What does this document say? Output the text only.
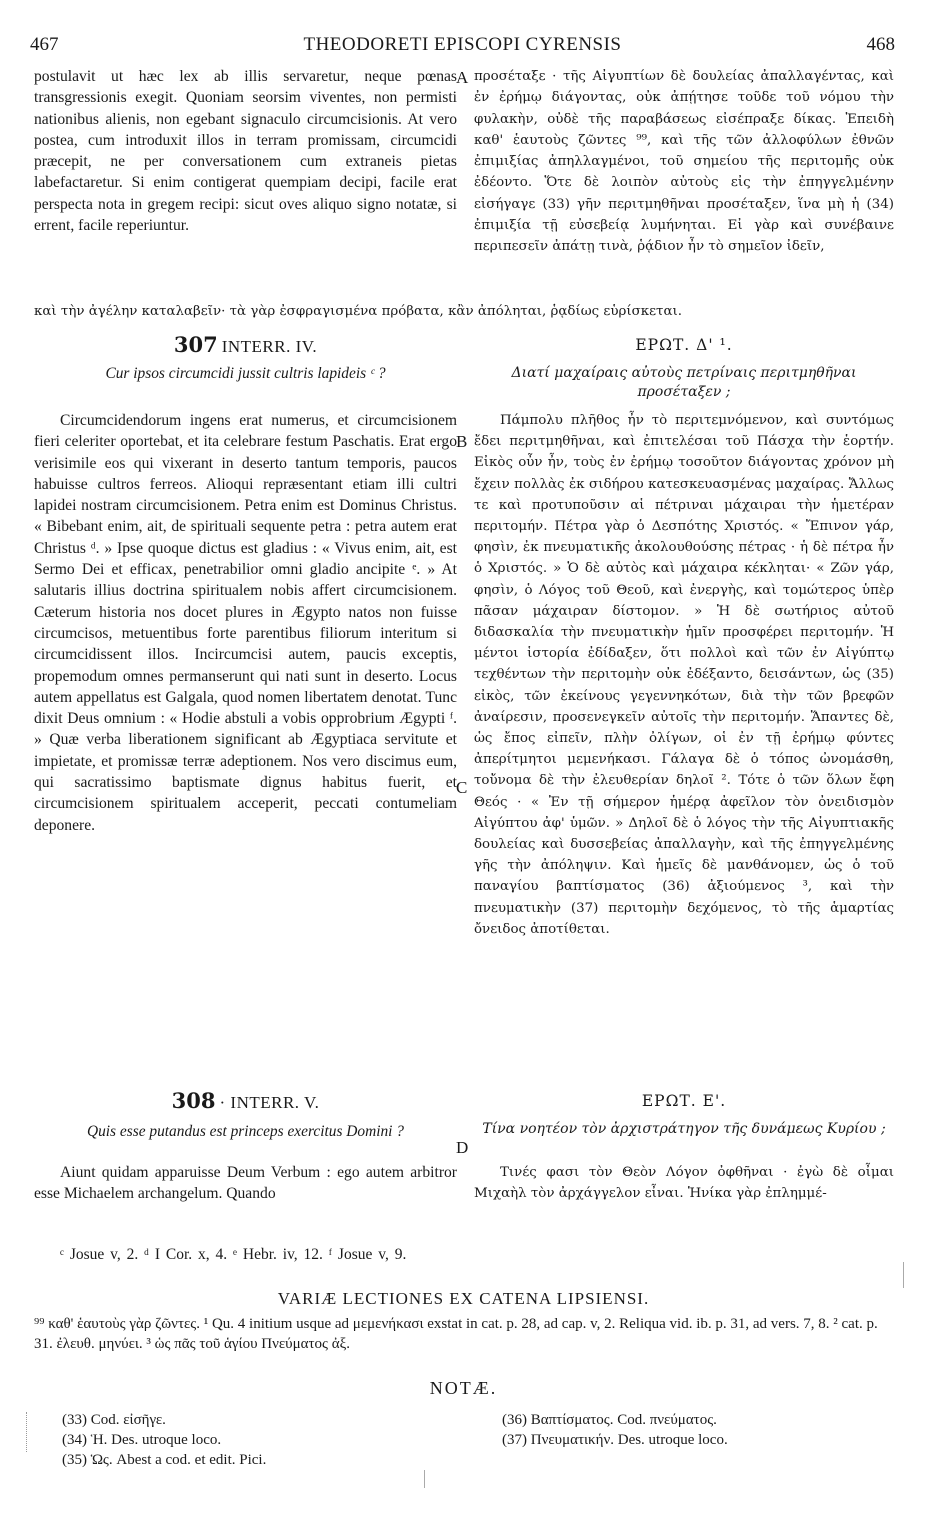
467	THEODORETI EPISCOPI CYRENSIS	468

postulavit ut hæc lex ab illis servaretur, neque pœnas transgressionis exegit. Quoniam seorsim viventes, non permisti nationibus alienis, non egebant signaculo circumcisionis. At vero postea, cum introduxit illos in terram promissam, circumcidi præcepit, ne per conversationem cum extraneis pietas labefactaretur. Si enim contigerat quempiam decipi, facile erat perspecta nota in gregem recipi: sicut oves aliquo signo notatæ, si errent, facile reperiuntur.

A προσέταξε · τῆς Αἰγυπτίων δὲ δουλείας ἀπαλλαγέντας, καὶ ἐν ἐρήμῳ διάγοντας, οὐκ ἀπῄτησε τοῦδε τοῦ νόμου τὴν φυλακὴν, οὐδὲ τῆς παραβάσεως εἰσέπραξε δίκας. Ἐπειδὴ καθ' ἑαυτοὺς ζῶντες ⁹⁹, καὶ τῆς τῶν ἀλλοφύλων ἐθνῶν ἐπιμιξίας ἀπηλλαγμένοι, τοῦ σημείου τῆς περιτομῆς οὐκ ἐδέοντο. Ὅτε δὲ λοιπὸν αὐτοὺς εἰς τὴν ἐπηγγελμένην εἰσήγαγε (33) γῆν περιτμηθῆναι προσέταξεν, ἵνα μὴ ἡ (34) ἐπιμιξία τῇ εὐσεβείᾳ λυμήνηται. Εἰ γὰρ καὶ συνέβαινε περιπεσεῖν ἀπάτῃ τινὰ, ῥᾴδιον ἦν τὸ σημεῖον ἰδεῖν,

καὶ τὴν ἀγέλην καταλαβεῖν· τὰ γὰρ ἐσφραγισμένα πρόβατα, κἂν ἀπόληται, ῥᾳδίως εὑρίσκεται.
307 INTERR. IV.	ΕΡΩΤ. Δ' ¹.
Cur ipsos circumcidi jussit cultris lapideis ᶜ ?	Διατί μαχαίραις αὐτοὺς πετρίναις περιτμηθῆναι προσέταξεν ;

Circumcidendorum ingens erat numerus, et circumcisionem fieri celeriter oportebat, et ita celebrare festum Paschatis. Erat ergo verisimile eos qui vixerant in deserto tantum temporis, paucos habuisse cultros ferreos. Alioqui repræsentant etiam illi cultri lapidei nostram circumcisionem. Petra enim est Dominus Christus. « Bibebant enim, ait, de spirituali sequente petra : petra autem erat Christus ᵈ. » Ipse quoque dictus est gladius : « Vivus enim, ait, est Sermo Dei et efficax, penetrabilior omni gladio ancipite ᵉ. » At salutaris illius doctrina spiritualem nobis affert circumcisionem. Cæterum historia nos docet plures in Ægypto natos non fuisse circumcisos, metuentibus forte parentibus filiorum interitum si circumcidissent illos. Incircumcisi autem, paucis exceptis, propemodum omnes permanserunt qui nati sunt in deserto. Locus autem appellatus est Galgala, quod nomen libertatem denotat. Tunc dixit Deus omnium : « Hodie abstuli a vobis opprobrium Ægypti ᶠ. » Quæ verba liberationem significant ab Ægyptiaca servitute et impietate, et promissæ terræ adeptionem. Nos vero discimus eum, qui sacratissimo baptismate dignus habitus fuerit, et circumcisionem spiritualem acceperit, peccati contumeliam deponere.

B
C

Πάμπολυ πλῆθος ἦν τὸ περιτεμνόμενον, καὶ συντόμως ἔδει περιτμηθῆναι, καὶ ἐπιτελέσαι τοῦ Πάσχα τὴν ἑορτήν. Εἰκὸς οὖν ἦν, τοὺς ἐν ἐρήμῳ τοσοῦτον διάγοντας χρόνον μὴ ἔχειν πολλὰς ἐκ σιδήρου κατεσκευασμένας μαχαίρας. Ἄλλως τε καὶ προτυποῦσιν αἱ πέτριναι μάχαιραι τὴν ἡμετέραν περιτομήν. Πέτρα γὰρ ὁ Δεσπότης Χριστός. « Ἔπινον γάρ, φησὶν, ἐκ πνευματικῆς ἀκολουθούσης πέτρας · ἡ δὲ πέτρα ἦν ὁ Χριστός. » Ὁ δὲ αὐτὸς καὶ μάχαιρα κέκληται· « Ζῶν γάρ, φησὶν, ὁ Λόγος τοῦ Θεοῦ, καὶ ἐνεργὴς, καὶ τομώτερος ὑπὲρ πᾶσαν μάχαιραν δίστομον. » Ἡ δὲ σωτήριος αὐτοῦ διδασκαλία τὴν πνευματικὴν ἡμῖν προσφέρει περιτομήν. Ἡ μέντοι ἱστορία ἐδίδαξεν, ὅτι πολλοὶ καὶ τῶν ἐν Αἰγύπτῳ τεχθέντων τὴν περιτομὴν οὐκ ἐδέξαντο, δεισάντων, ὡς (35) εἰκὸς, τῶν ἐκείνους γεγεννηκότων, διὰ τὴν τῶν βρεφῶν ἀναίρεσιν, προσενεγκεῖν αὐτοῖς τὴν περιτομήν. Ἅπαντες δὲ, ὡς ἔπος εἰπεῖν, πλὴν ὀλίγων, οἱ ἐν τῇ ἐρήμῳ φύντες ἀπερίτμητοι μεμενήκασι. Γάλαγα δὲ ὁ τόπος ὠνομάσθη, τοὔνομα δὲ τὴν ἐλευθερίαν δηλοῖ ². Τότε ὁ τῶν ὅλων ἔφη Θεός · « Ἐν τῇ σήμερον ἡμέρᾳ ἀφεῖλον τὸν ὀνειδισμὸν Αἰγύπτου ἀφ' ὑμῶν. » Δηλοῖ δὲ ὁ λόγος τὴν τῆς Αἰγυπτιακῆς δουλείας καὶ δυσσεβείας ἀπαλλαγὴν, καὶ τῆς ἐπηγγελμένης γῆς τὴν ἀπόληψιν. Καὶ ἡμεῖς δὲ μανθάνομεν, ὡς ὁ τοῦ παναγίου βαπτίσματος (36) ἀξιούμενος ³, καὶ τὴν πνευματικὴν (37) περιτομὴν δεχόμενος, τὸ τῆς ἁμαρτίας ὄνειδος ἀποτίθεται.

308 · INTERR. V.	ΕΡΩΤ. Ε'.
Quis esse putandus est princeps exercitus Domini ?	Τίνα νοητέον τὸν ἀρχιστράτηγον τῆς δυνάμεως Κυρίου ;
D

Aiunt quidam apparuisse Deum Verbum : ego autem arbitror esse Michaelem archangelum. Quando

Τινές φασι τὸν Θεὸν Λόγον ὀφθῆναι · ἐγὼ δὲ οἶμαι Μιχαὴλ τὸν ἀρχάγγελον εἶναι. Ἡνίκα γὰρ ἐπλημμέ-

ᶜ Josue v, 2. ᵈ I Cor. x, 4. ᵉ Hebr. iv, 12. ᶠ Josue v, 9.
VARIÆ LECTIONES EX CATENA LIPSIENSI.
⁹⁹ καθ' ἑαυτοὺς γὰρ ζῶντες. ¹ Qu. 4 initium usque ad μεμενήκασι exstat in cat. p. 28, ad cap. v, 2. Reliqua vid. ib. p. 31, ad vers. 7, 8. ² cat. p. 31. ἐλευθ. μηνύει. ³ ὡς πᾶς τοῦ ἁγίου Πνεύματος ἀξ.
NOTÆ.
(33) Cod. εἰσῆγε.
(34) Ἡ. Des. utroque loco.
(35) Ὡς. Abest a cod. et edit. Pici.
(36) Βαπτίσματος. Cod. πνεύματος.
(37) Πνευματικήν. Des. utroque loco.
